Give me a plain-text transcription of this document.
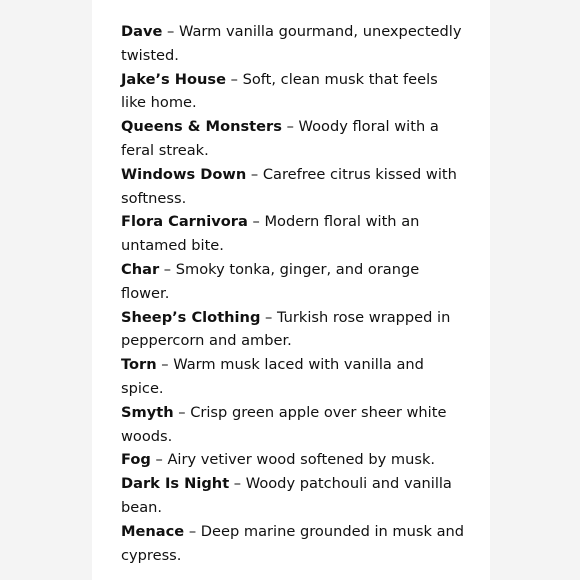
Dave – Warm vanilla gourmand, unexpectedly twisted.
Jake’s House – Soft, clean musk that feels like home.
Queens & Monsters – Woody floral with a feral streak.
Windows Down – Carefree citrus kissed with softness.
Flora Carnivora – Modern floral with an untamed bite.
Char – Smoky tonka, ginger, and orange flower.
Sheep’s Clothing – Turkish rose wrapped in peppercorn and amber.
Torn – Warm musk laced with vanilla and spice.
Smyth – Crisp green apple over sheer white woods.
Fog – Airy vetiver wood softened by musk.
Dark Is Night – Woody patchouli and vanilla bean.
Menace – Deep marine grounded in musk and cypress.
